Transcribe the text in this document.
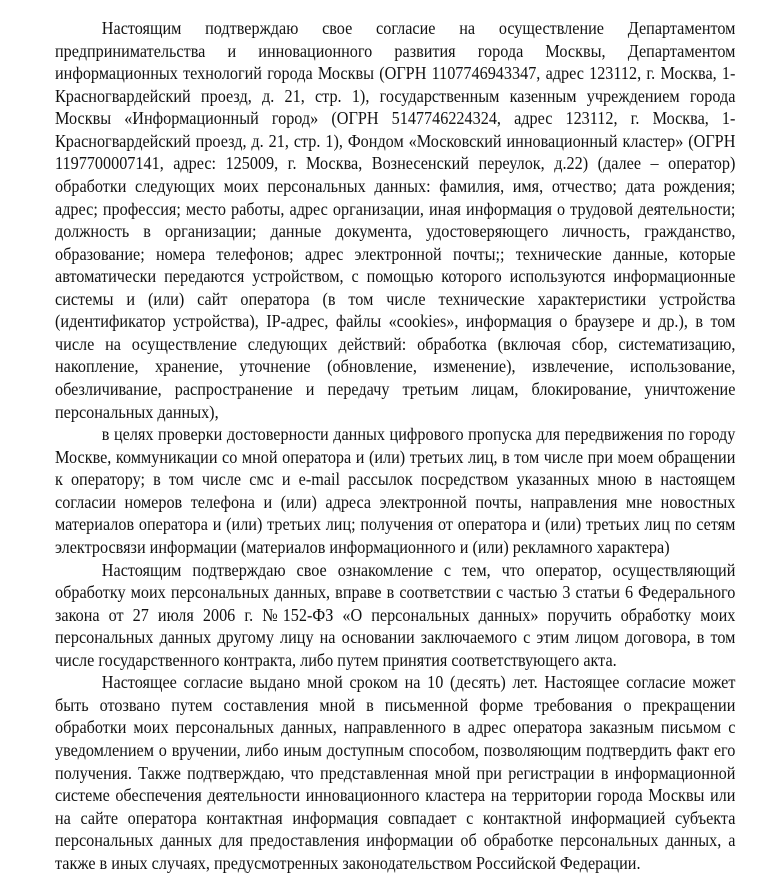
Настоящим подтверждаю свое согласие на осуществление Департаментом
предпринимательства и инновационного развития города Москвы, Департаментом
информационных технологий города Москвы (ОГРН 1107746943347, адрес 123112, г. Москва, 1-
Красногвардейский проезд, д. 21, стр. 1), государственным казенным учреждением города
Москвы «Информационный город» (ОГРН 5147746224324, адрес 123112, г. Москва, 1-
Красногвардейский проезд, д. 21, стр. 1), Фондом «Московский инновационный кластер» (ОГРН
1197700007141, адрес: 125009, г. Москва, Вознесенский переулок, д.22) (далее – оператор)
обработки следующих моих персональных данных: фамилия, имя, отчество; дата рождения;
адрес; профессия; место работы, адрес организации, иная информация о трудовой деятельности;
должность в организации; данные документа, удостоверяющего личность, гражданство,
образование; номера телефонов; адрес электронной почты;; технические данные, которые
автоматически передаются устройством, с помощью которого используются информационные
системы и (или) сайт оператора (в том числе технические характеристики устройства
(идентификатор устройства), IP-адрес, файлы «cookies», информация о браузере и др.), в том
числе на осуществление следующих действий: обработка (включая сбор, систематизацию,
накопление, хранение, уточнение (обновление, изменение), извлечение, использование,
обезличивание, распространение и передачу третьим лицам, блокирование, уничтожение
персональных данных),
в целях проверки достоверности данных цифрового пропуска для передвижения по городу
Москве, коммуникации со мной оператора и (или) третьих лиц, в том числе при моем обращении
к оператору; в том числе смс и e-mail рассылок посредством указанных мною в настоящем
согласии номеров телефона и (или) адреса электронной почты, направления мне новостных
материалов оператора и (или) третьих лиц; получения от оператора и (или) третьих лиц по сетям
электросвязи информации (материалов информационного и (или) рекламного характера)
Настоящим подтверждаю свое ознакомление с тем, что оператор, осуществляющий
обработку моих персональных данных, вправе в соответствии с частью 3 статьи 6 Федерального
закона от 27 июля 2006 г. №152-ФЗ «О персональных данных» поручить обработку моих
персональных данных другому лицу на основании заключаемого с этим лицом договора, в том
числе государственного контракта, либо путем принятия соответствующего акта.
Настоящее согласие выдано мной сроком на 10 (десять) лет. Настоящее согласие может
быть отозвано путем составления мной в письменной форме требования о прекращении
обработки моих персональных данных, направленного в адрес оператора заказным письмом с
уведомлением о вручении, либо иным доступным способом, позволяющим подтвердить факт его
получения. Также подтверждаю, что представленная мной при регистрации в информационной
системе обеспечения деятельности инновационного кластера на территории города Москвы или
на сайте оператора контактная информация совпадает с контактной информацией субъекта
персональных данных для предоставления информации об обработке персональных данных, а
также в иных случаях, предусмотренных законодательством Российской Федерации.
